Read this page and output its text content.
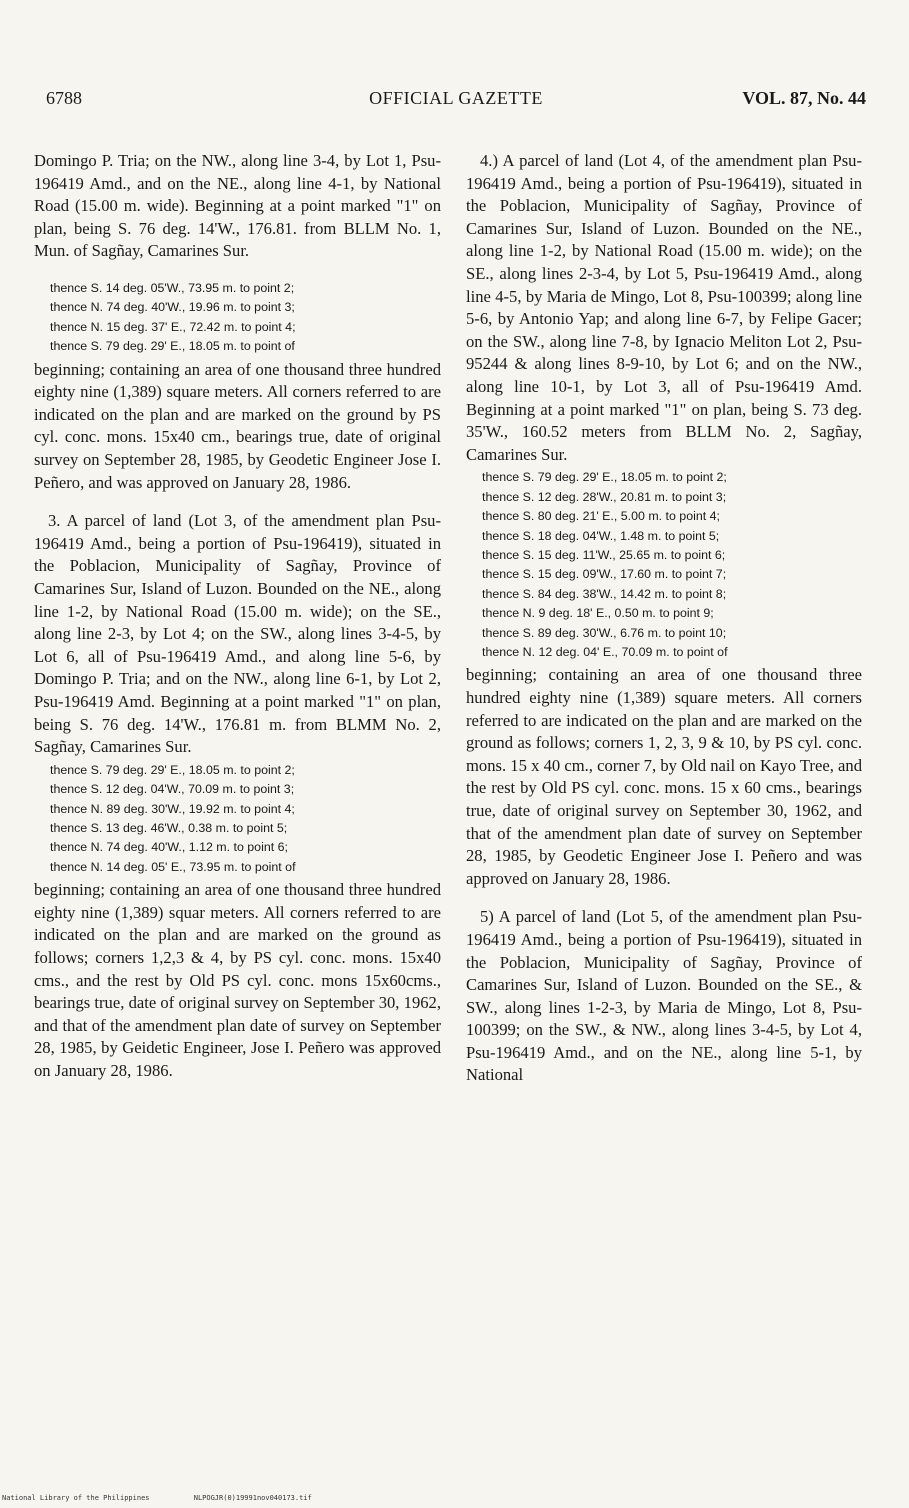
6788	OFFICIAL GAZETTE	VOL. 87, No. 44

Domingo P. Tria; on the NW., along line 3-4, by Lot 1, Psu-196419 Amd., and on the NE., along line 4-1, by National Road (15.00 m. wide). Beginning at a point marked "1" on plan, being S. 76 deg. 14'W., 176.81. from BLLM No. 1, Mun. of Sagñay, Camarines Sur.

thence S. 14 deg. 05'W., 73.95 m. to point 2;
thence N. 74 deg. 40'W., 19.96 m. to point 3;
thence N. 15 deg. 37' E., 72.42 m. to point 4;
thence S. 79 deg. 29' E., 18.05 m. to point of

beginning; containing an area of one thousand three hundred eighty nine (1,389) square meters. All corners referred to are indicated on the plan and are marked on the ground by PS cyl. conc. mons. 15x40 cm., bearings true, date of original survey on September 28, 1985, by Geodetic Engineer Jose I. Peñero, and was approved on January 28, 1986.

3. A parcel of land (Lot 3, of the amendment plan Psu-196419 Amd., being a portion of Psu-196419), situated in the Poblacion, Municipality of Sagñay, Province of Camarines Sur, Island of Luzon. Bounded on the NE., along line 1-2, by National Road (15.00 m. wide); on the SE., along line 2-3, by Lot 4; on the SW., along lines 3-4-5, by Lot 6, all of Psu-196419 Amd., and along line 5-6, by Domingo P. Tria; and on the NW., along line 6-1, by Lot 2, Psu-196419 Amd. Beginning at a point marked "1" on plan, being S. 76 deg. 14'W., 176.81 m. from BLMM No. 2, Sagñay, Camarines Sur.

thence S. 79 deg. 29' E., 18.05 m. to point 2;
thence S. 12 deg. 04'W., 70.09 m. to point 3;
thence N. 89 deg. 30'W., 19.92 m. to point 4;
thence S. 13 deg. 46'W., 0.38 m. to point 5;
thence N. 74 deg. 40'W., 1.12 m. to point 6;
thence N. 14 deg. 05' E., 73.95 m. to point of

beginning; containing an area of one thousand three hundred eighty nine (1,389) squar meters. All corners referred to are indicated on the plan and are marked on the ground as follows; corners 1,2,3 & 4, by PS cyl. conc. mons. 15x40 cms., and the rest by Old PS cyl. conc. mons 15x60cms., bearings true, date of original survey on September 30, 1962, and that of the amendment plan date of survey on September 28, 1985, by Geidetic Engineer, Jose I. Peñero was approved on January 28, 1986.

4.) A parcel of land (Lot 4, of the amendment plan Psu-196419 Amd., being a portion of Psu-196419), situated in the Poblacion, Municipality of Sagñay, Province of Camarines Sur, Island of Luzon. Bounded on the NE., along line 1-2, by National Road (15.00 m. wide); on the SE., along lines 2-3-4, by Lot 5, Psu-196419 Amd., along line 4-5, by Maria de Mingo, Lot 8, Psu-100399; along line 5-6, by Antonio Yap; and along line 6-7, by Felipe Gacer; on the SW., along line 7-8, by Ignacio Meliton Lot 2, Psu-95244 & along lines 8-9-10, by Lot 6; and on the NW., along line 10-1, by Lot 3, all of Psu-196419 Amd. Beginning at a point marked "1" on plan, being S. 73 deg. 35'W., 160.52 meters from BLLM No. 2, Sagñay, Camarines Sur.

thence S. 79 deg. 29' E., 18.05 m. to point 2;
thence S. 12 deg. 28'W., 20.81 m. to point 3;
thence S. 80 deg. 21' E., 5.00 m. to point 4;
thence S. 18 deg. 04'W., 1.48 m. to point 5;
thence S. 15 deg. 11'W., 25.65 m. to point 6;
thence S. 15 deg. 09'W., 17.60 m. to point 7;
thence S. 84 deg. 38'W., 14.42 m. to point 8;
thence N. 9 deg. 18' E., 0.50 m. to point 9;
thence S. 89 deg. 30'W., 6.76 m. to point 10;
thence N. 12 deg. 04' E., 70.09 m. to point of

beginning; containing an area of one thousand three hundred eighty nine (1,389) square meters. All corners referred to are indicated on the plan and are marked on the ground as follows; corners 1, 2, 3, 9 & 10, by PS cyl. conc. mons. 15 x 40 cm., corner 7, by Old nail on Kayo Tree, and the rest by Old PS cyl. conc. mons. 15 x 60 cms., bearings true, date of original survey on September 30, 1962, and that of the amendment plan date of survey on September 28, 1985, by Geodetic Engineer Jose I. Peñero and was approved on January 28, 1986.

5) A parcel of land (Lot 5, of the amendment plan Psu-196419 Amd., being a portion of Psu-196419), situated in the Poblacion, Municipality of Sagñay, Province of Camarines Sur, Island of Luzon. Bounded on the SE., & SW., along lines 1-2-3, by Maria de Mingo, Lot 8, Psu-100399; on the SW., & NW., along lines 3-4-5, by Lot 4, Psu-196419 Amd., and on the NE., along line 5-1, by National

National Library of the Philippines	NLPOGJR(0)19991nov040173.tif
